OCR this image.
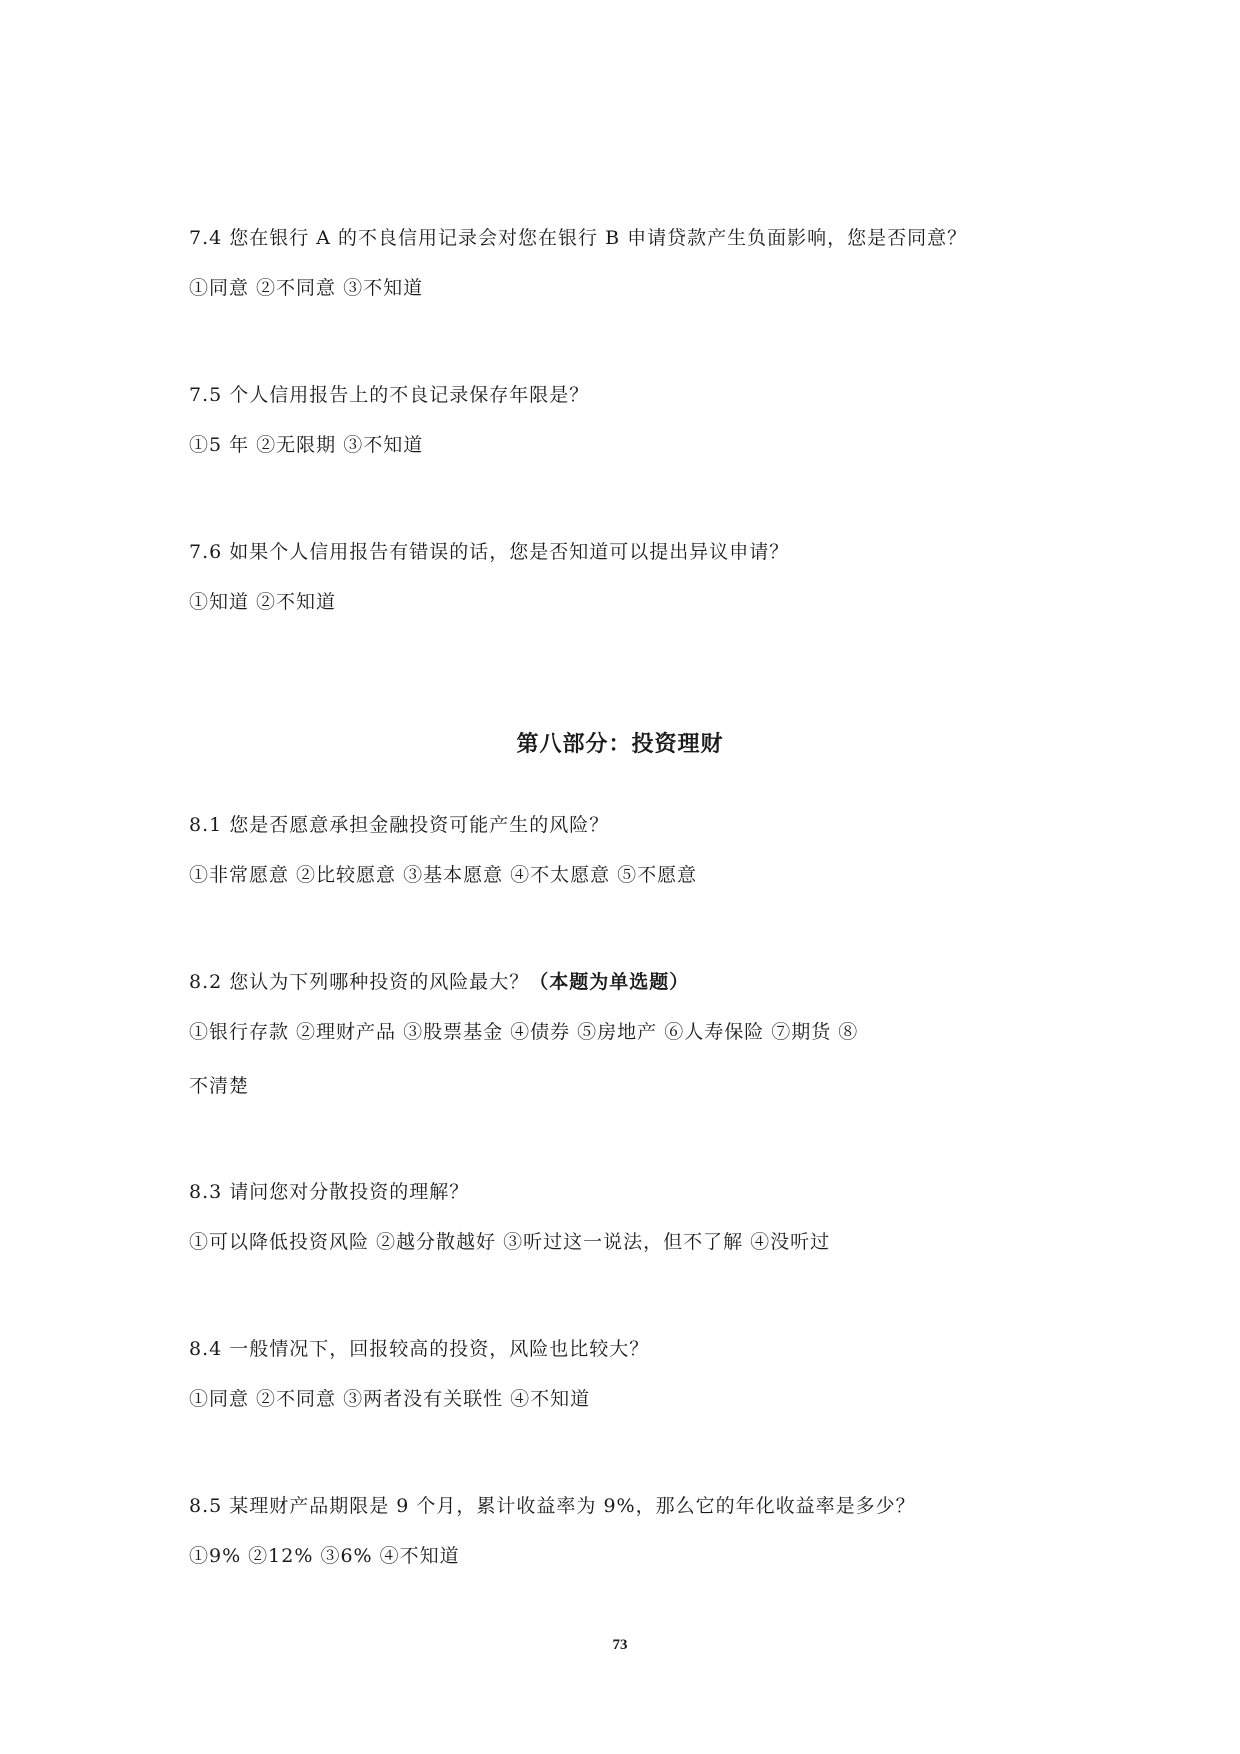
7.4 您在银行 A 的不良信用记录会对您在银行 B 申请贷款产生负面影响，您是否同意？

①同意 ②不同意 ③不知道

7.5 个人信用报告上的不良记录保存年限是？

①5 年 ②无限期 ③不知道

7.6 如果个人信用报告有错误的话，您是否知道可以提出异议申请？

①知道 ②不知道

第八部分：投资理财

8.1 您是否愿意承担金融投资可能产生的风险？

①非常愿意 ②比较愿意 ③基本愿意 ④不太愿意 ⑤不愿意

8.2 您认为下列哪种投资的风险最大？（本题为单选题）

①银行存款 ②理财产品 ③股票基金 ④债券 ⑤房地产 ⑥人寿保险 ⑦期货 ⑧

不清楚

8.3 请问您对分散投资的理解？

①可以降低投资风险 ②越分散越好 ③听过这一说法，但不了解 ④没听过

8.4 一般情况下，回报较高的投资，风险也比较大？

①同意 ②不同意 ③两者没有关联性 ④不知道

8.5 某理财产品期限是 9 个月，累计收益率为 9%，那么它的年化收益率是多少？

①9% ②12% ③6% ④不知道

73
